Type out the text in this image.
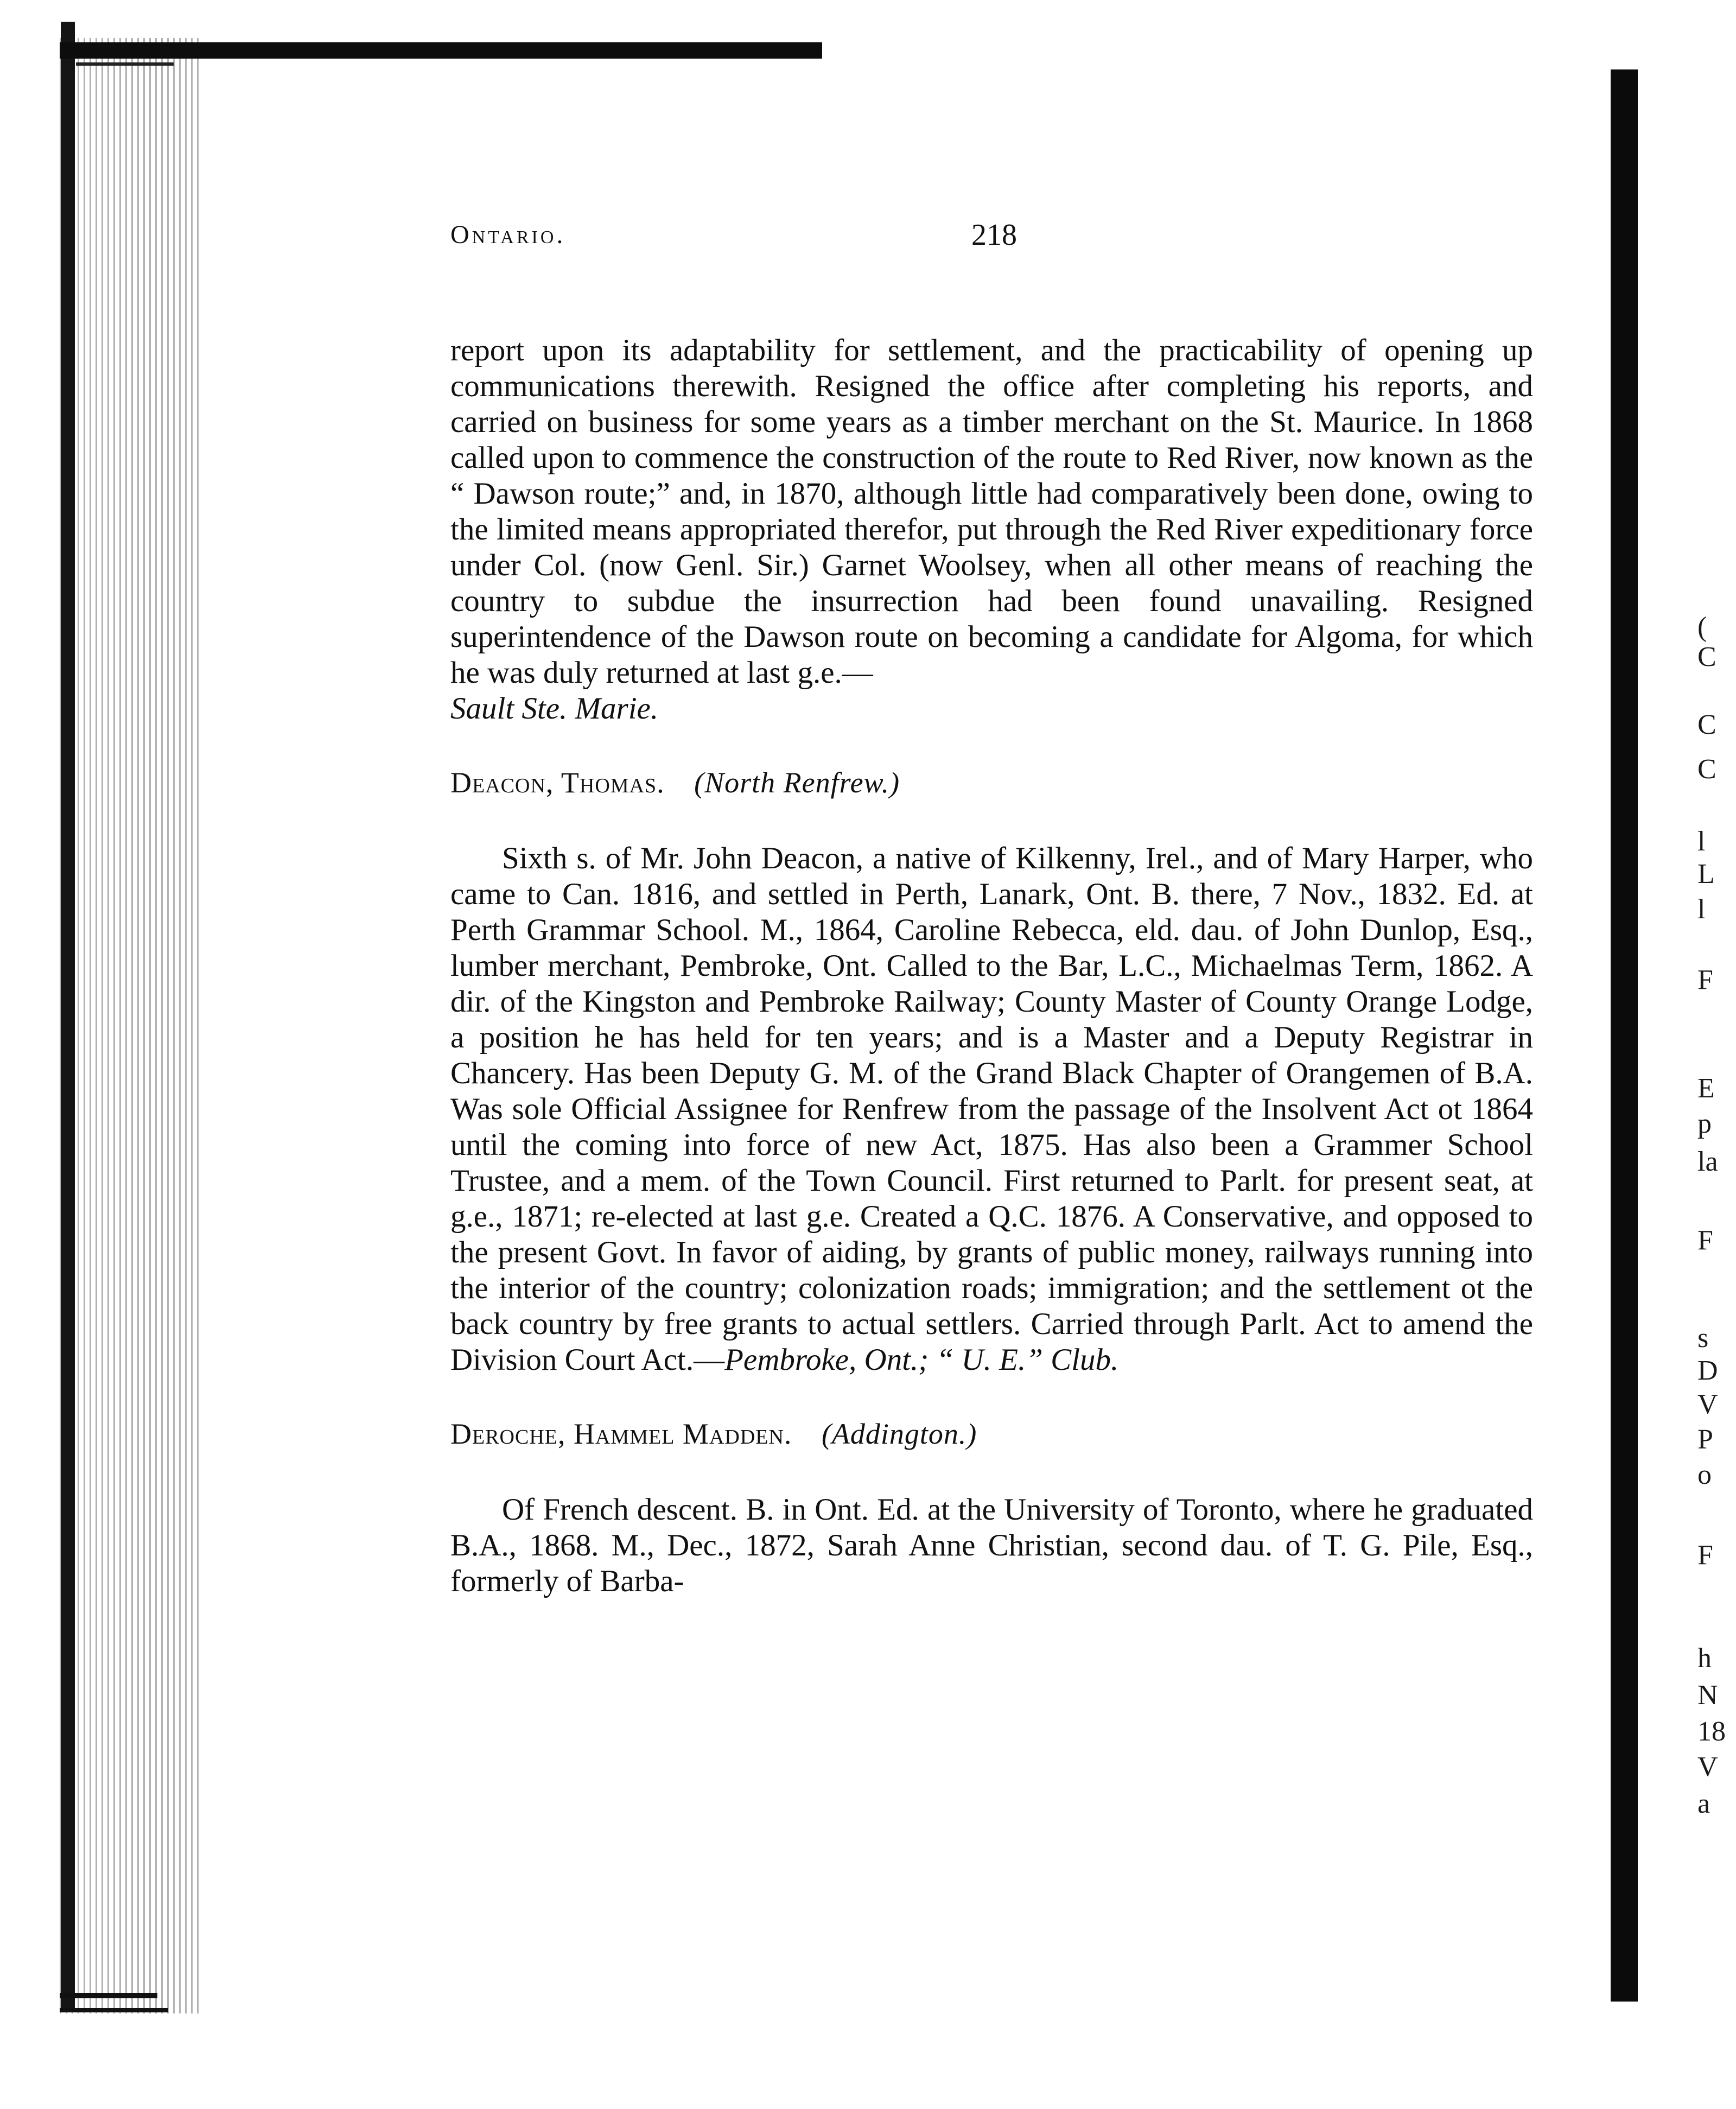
(
C
C
C
l
L
l
F
E
p
la
F
s
D
V
P
o
F
h
N
18
V
a
Ontario.	218

report upon its adaptability for settlement, and the practicability of opening up communications therewith. Resigned the office after completing his reports, and carried on business for some years as a timber merchant on the St. Maurice. In 1868 called upon to commence the construction of the route to Red River, now known as the “ Dawson route;” and, in 1870, although little had comparatively been done, owing to the limited means appropriated therefor, put through the Red River expeditionary force under Col. (now Genl. Sir.) Garnet Woolsey, when all other means of reaching the country to subdue the insurrection had been found unavailing. Resigned superintendence of the Dawson route on becoming a candidate for Algoma, for which he was duly returned at last g.e.—
Sault Ste. Marie.

Deacon, Thomas. (North Renfrew.)

Sixth s. of Mr. John Deacon, a native of Kilkenny, Irel., and of Mary Harper, who came to Can. 1816, and settled in Perth, Lanark, Ont. B. there, 7 Nov., 1832. Ed. at Perth Grammar School. M., 1864, Caroline Rebecca, eld. dau. of John Dunlop, Esq., lumber merchant, Pembroke, Ont. Called to the Bar, L.C., Michaelmas Term, 1862. A dir. of the Kingston and Pembroke Railway; County Master of County Orange Lodge, a position he has held for ten years; and is a Master and a Deputy Registrar in Chancery. Has been Deputy G. M. of the Grand Black Chapter of Orangemen of B.A. Was sole Official Assignee for Renfrew from the passage of the Insolvent Act ot 1864 until the coming into force of new Act, 1875. Has also been a Grammer School Trustee, and a mem. of the Town Council. First returned to Parlt. for present seat, at g.e., 1871; re-elected at last g.e. Created a Q.C. 1876. A Conservative, and opposed to the present Govt. In favor of aiding, by grants of public money, railways running into the interior of the country; colonization roads; immigration; and the settlement ot the back country by free grants to actual settlers. Carried through Parlt. Act to amend the Division Court Act.—Pembroke, Ont.; “ U. E.” Club.

Deroche, Hammel Madden. (Addington.)

Of French descent. B. in Ont. Ed. at the University of Toronto, where he graduated B.A., 1868. M., Dec., 1872, Sarah Anne Christian, second dau. of T. G. Pile, Esq., formerly of Barba-
